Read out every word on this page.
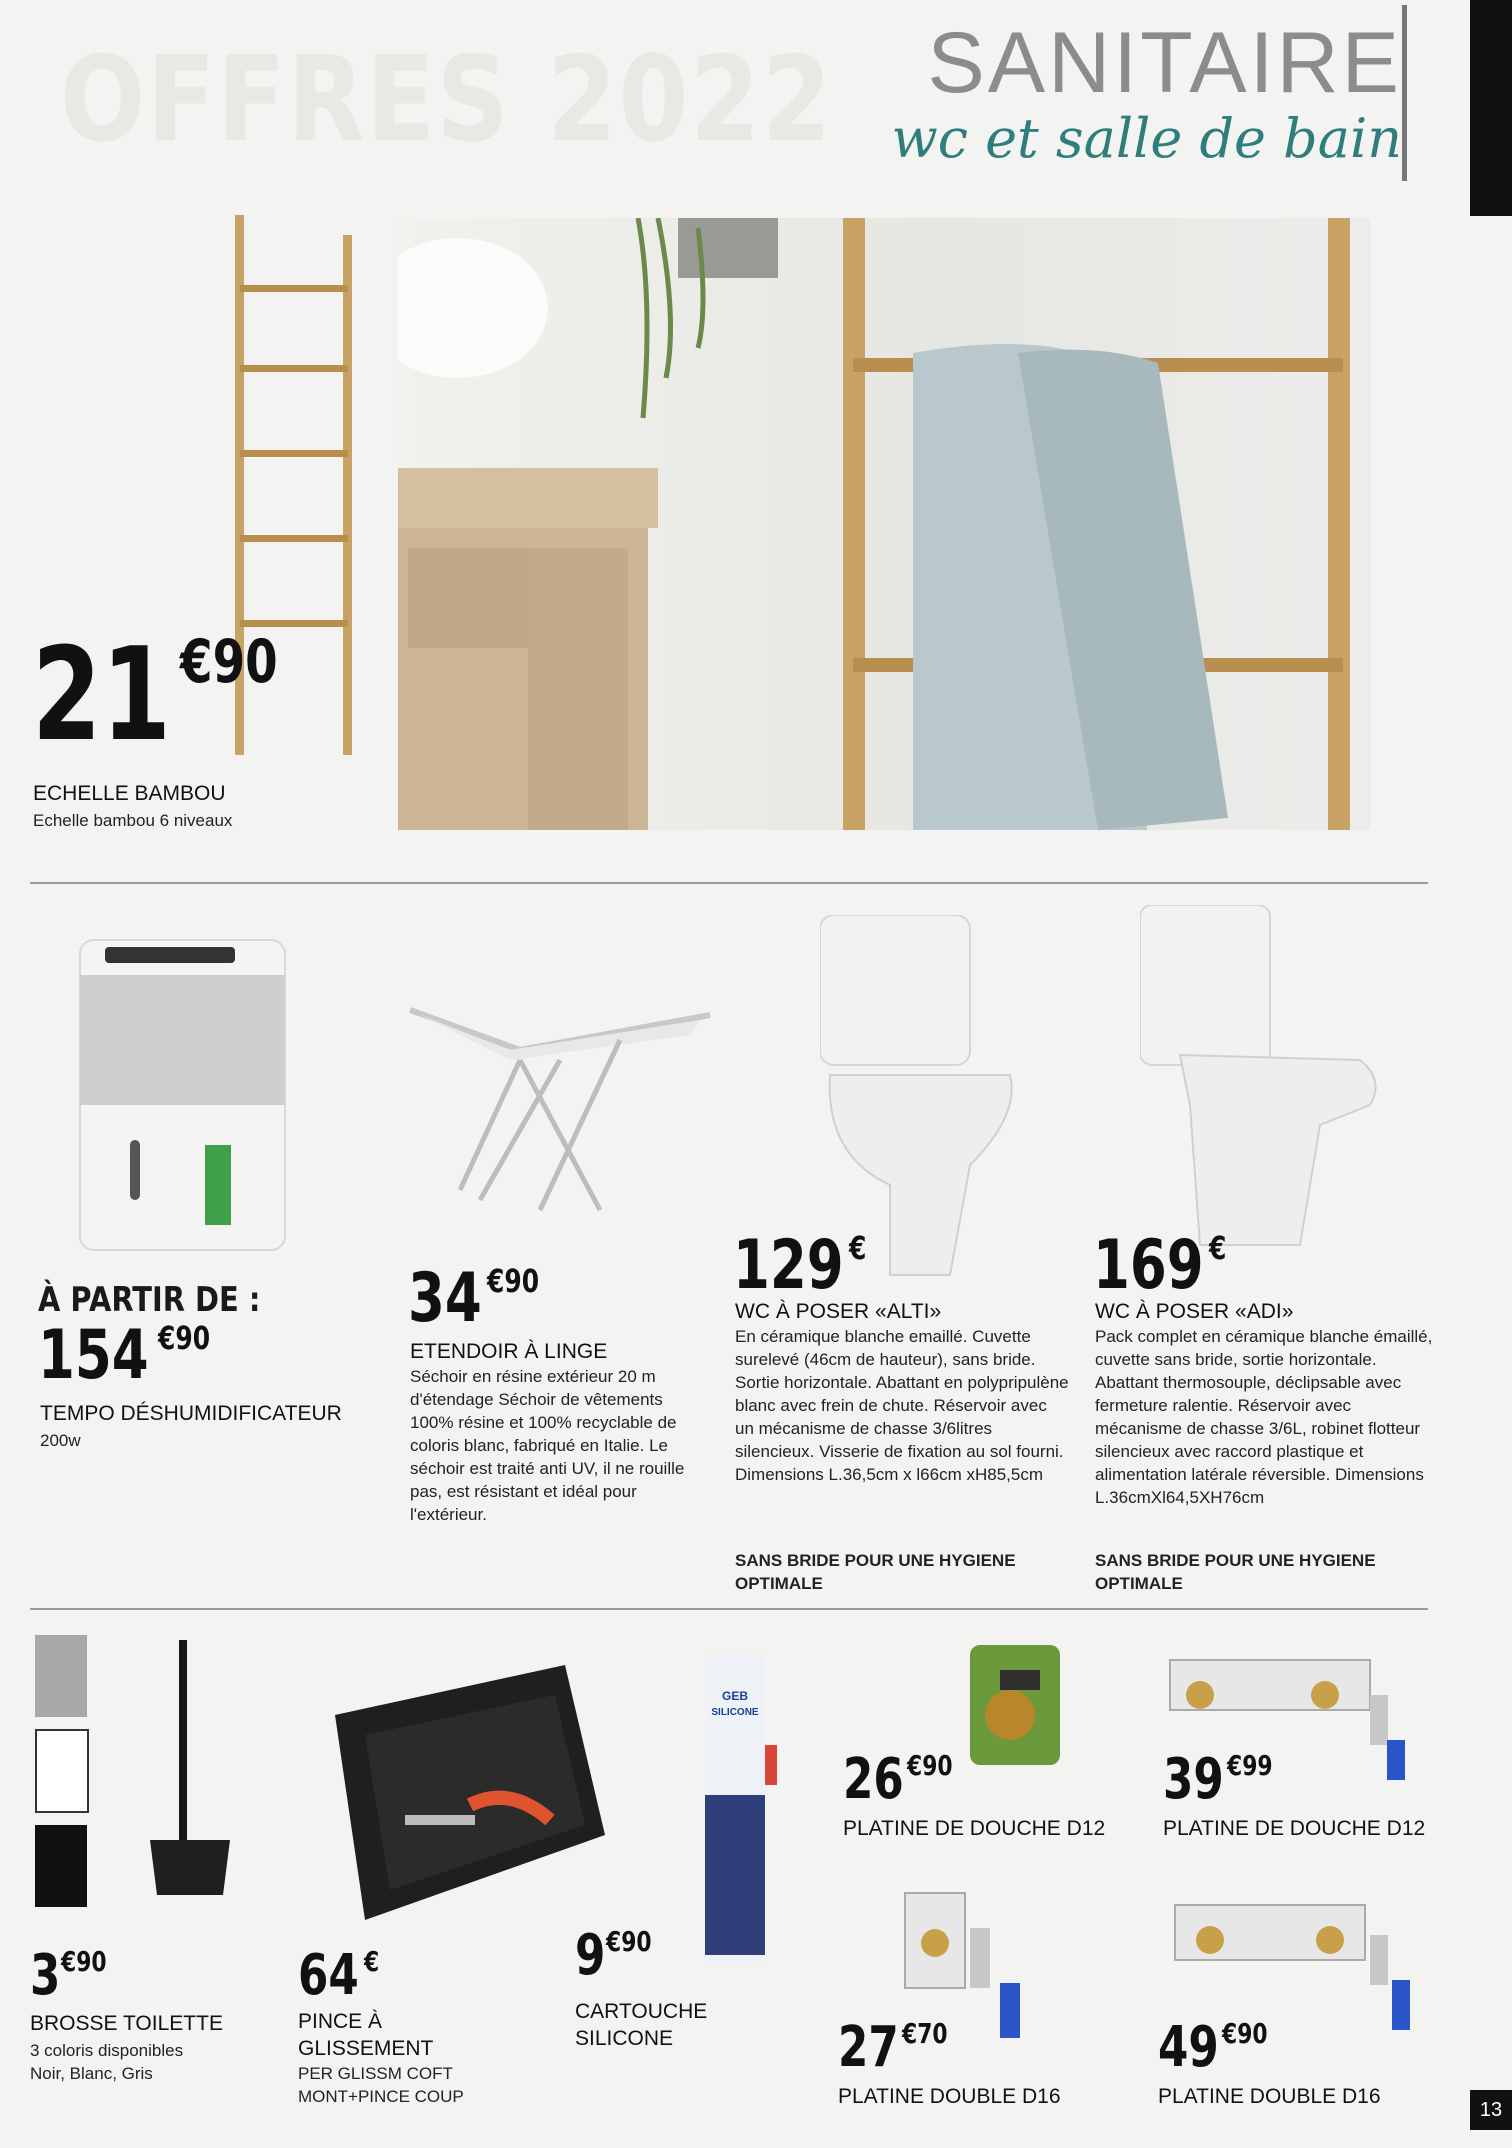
OFFRES 2022	SANITAIRE
wc et salle de bain
13
21 €90
ECHELLE BAMBOU
Echelle bambou 6 niveaux
À PARTIR DE :
154 €90
TEMPO DÉSHUMIDIFICATEUR
200w
34 €90
ETENDOIR À LINGE
Séchoir en résine extérieur 20 m d'étendage Séchoir de vêtements 100% résine et 100% recyclable de coloris blanc, fabriqué en Italie. Le séchoir est traité anti UV, il ne rouille pas, est résistant et idéal pour l'extérieur.
129 €
WC À POSER «ALTI»
En céramique blanche emaillé. Cuvette surelevé (46cm de hauteur), sans bride. Sortie horizontale. Abattant en polypripulène blanc avec frein de chute. Réservoir avec un mécanisme de chasse 3/6litres silencieux. Visserie de fixation au sol fourni. Dimensions L.36,5cm x l66cm xH85,5cm
SANS BRIDE POUR UNE HYGIENE OPTIMALE
169 €
WC À POSER «ADI»
Pack complet en céramique blanche émaillé, cuvette sans bride, sortie horizontale. Abattant thermosouple, déclipsable avec fermeture ralentie. Réservoir avec mécanisme de chasse 3/6L, robinet flotteur silencieux avec raccord plastique et alimentation latérale réversible. Dimensions L.36cmXl64,5XH76cm
SANS BRIDE POUR UNE HYGIENE OPTIMALE
GEB
SILICONE
3€90
BROSSE TOILETTE
3 coloris disponibles
Noir, Blanc, Gris
64 €
PINCE À GLISSEMENT
PER GLISSM COFT MONT+PINCE COUP
9€90
CARTOUCHE SILICONE
26 €90
PLATINE DE DOUCHE D12
39 €99
PLATINE DE DOUCHE D12
27 €70
PLATINE DOUBLE D16
49 €90
PLATINE DOUBLE D16
